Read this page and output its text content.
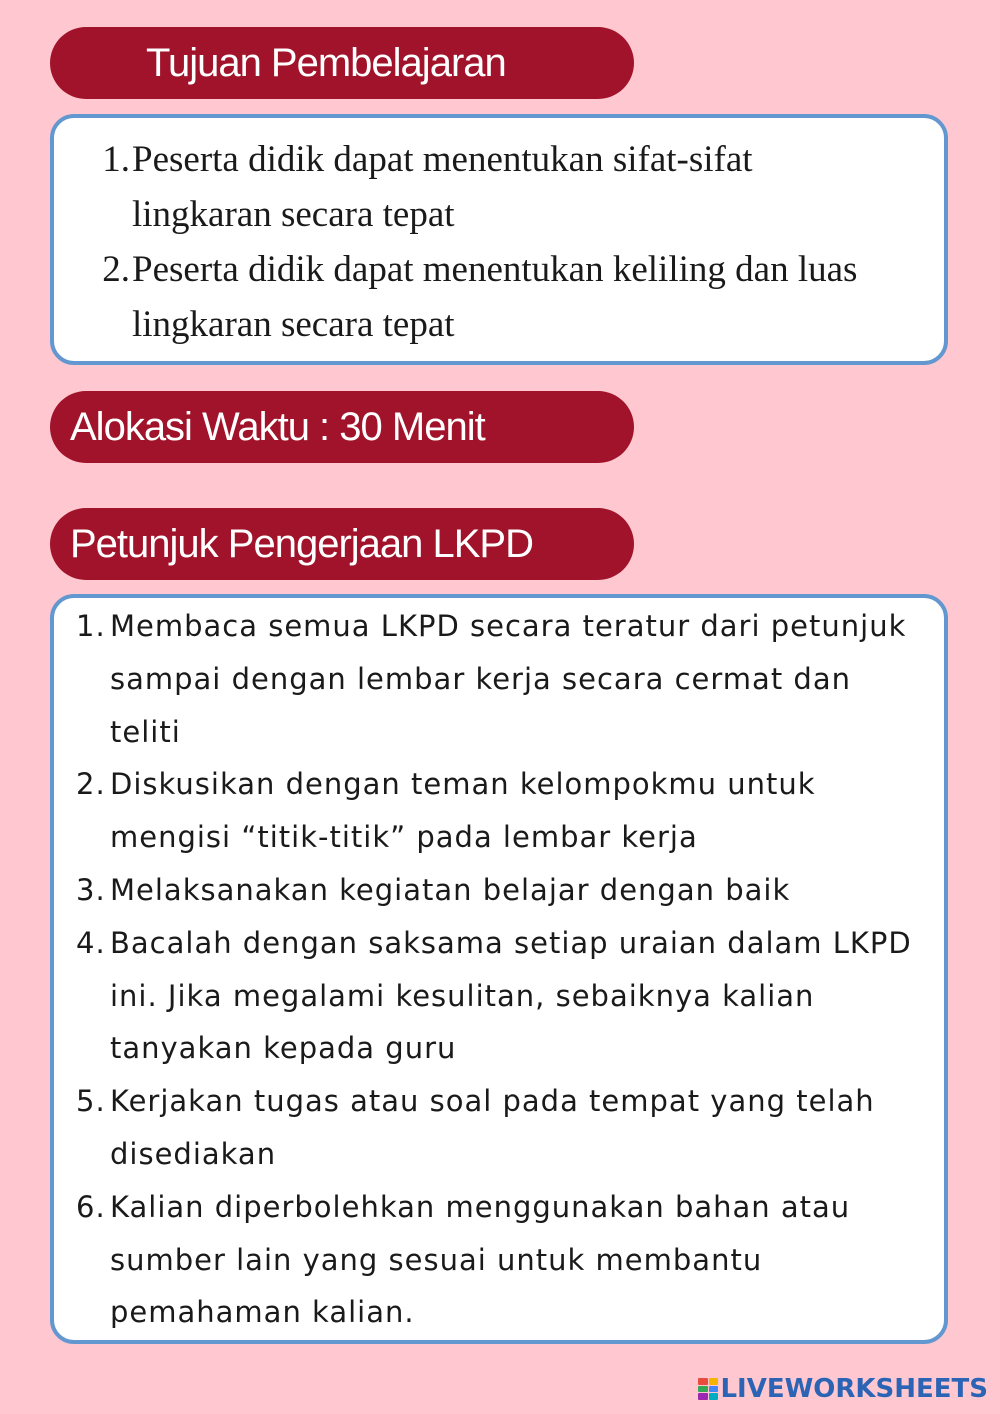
Tujuan Pembelajaran
1. Peserta didik dapat menentukan sifat-sifat lingkaran secara tepat
2. Peserta didik dapat menentukan keliling dan luas lingkaran secara tepat
Alokasi Waktu : 30 Menit
Petunjuk Pengerjaan LKPD
1. Membaca semua LKPD secara teratur dari petunjuk sampai dengan lembar kerja secara cermat dan teliti
2. Diskusikan dengan teman kelompokmu untuk mengisi “titik-titik” pada lembar kerja
3. Melaksanakan kegiatan belajar dengan baik
4. Bacalah dengan saksama setiap uraian dalam LKPD ini. Jika megalami kesulitan, sebaiknya kalian tanyakan kepada guru
5. Kerjakan tugas atau soal pada tempat yang telah disediakan
6. Kalian diperbolehkan menggunakan bahan atau sumber lain yang sesuai untuk membantu pemahaman kalian.
LIVEWORKSHEETS
